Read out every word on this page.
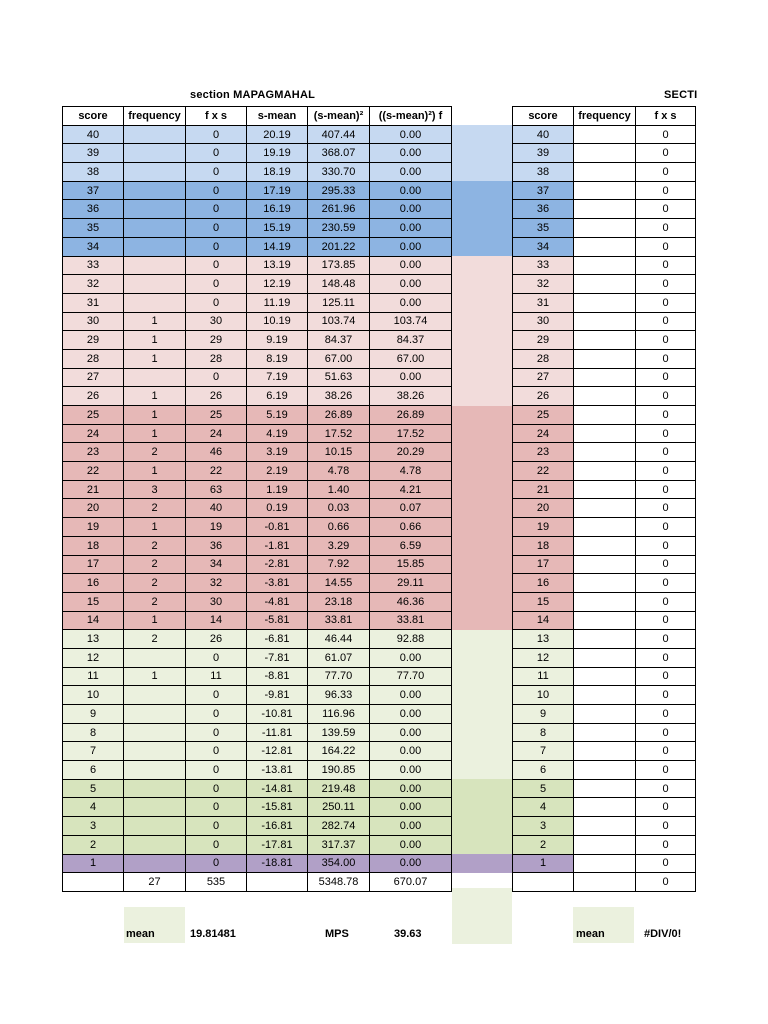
section MAPAGMAHAL	SECTI
score	frequency	f x s	s-mean	(s-mean)²	((s-mean)²) f
40		0	20.19	407.44	0.00
39		0	19.19	368.07	0.00
38		0	18.19	330.70	0.00
37		0	17.19	295.33	0.00
36		0	16.19	261.96	0.00
35		0	15.19	230.59	0.00
34		0	14.19	201.22	0.00
33		0	13.19	173.85	0.00
32		0	12.19	148.48	0.00
31		0	11.19	125.11	0.00
30	1	30	10.19	103.74	103.74
29	1	29	9.19	84.37	84.37
28	1	28	8.19	67.00	67.00
27		0	7.19	51.63	0.00
26	1	26	6.19	38.26	38.26
25	1	25	5.19	26.89	26.89
24	1	24	4.19	17.52	17.52
23	2	46	3.19	10.15	20.29
22	1	22	2.19	4.78	4.78
21	3	63	1.19	1.40	4.21
20	2	40	0.19	0.03	0.07
19	1	19	-0.81	0.66	0.66
18	2	36	-1.81	3.29	6.59
17	2	34	-2.81	7.92	15.85
16	2	32	-3.81	14.55	29.11
15	2	30	-4.81	23.18	46.36
14	1	14	-5.81	33.81	33.81
13	2	26	-6.81	46.44	92.88
12		0	-7.81	61.07	0.00
11	1	11	-8.81	77.70	77.70
10		0	-9.81	96.33	0.00
9		0	-10.81	116.96	0.00
8		0	-11.81	139.59	0.00
7		0	-12.81	164.22	0.00
6		0	-13.81	190.85	0.00
5		0	-14.81	219.48	0.00
4		0	-15.81	250.11	0.00
3		0	-16.81	282.74	0.00
2		0	-17.81	317.37	0.00
1		0	-18.81	354.00	0.00
	27	535		5348.78	670.07
score	frequency	f x s
40		0
39		0
38		0
37		0
36		0
35		0
34		0
33		0
32		0
31		0
30		0
29		0
28		0
27		0
26		0
25		0
24		0
23		0
22		0
21		0
20		0
19		0
18		0
17		0
16		0
15		0
14		0
13		0
12		0
11		0
10		0
9		0
8		0
7		0
6		0
5		0
4		0
3		0
2		0
1		0
		0
mean	19.81481	MPS	39.63	mean	#DIV/0!
